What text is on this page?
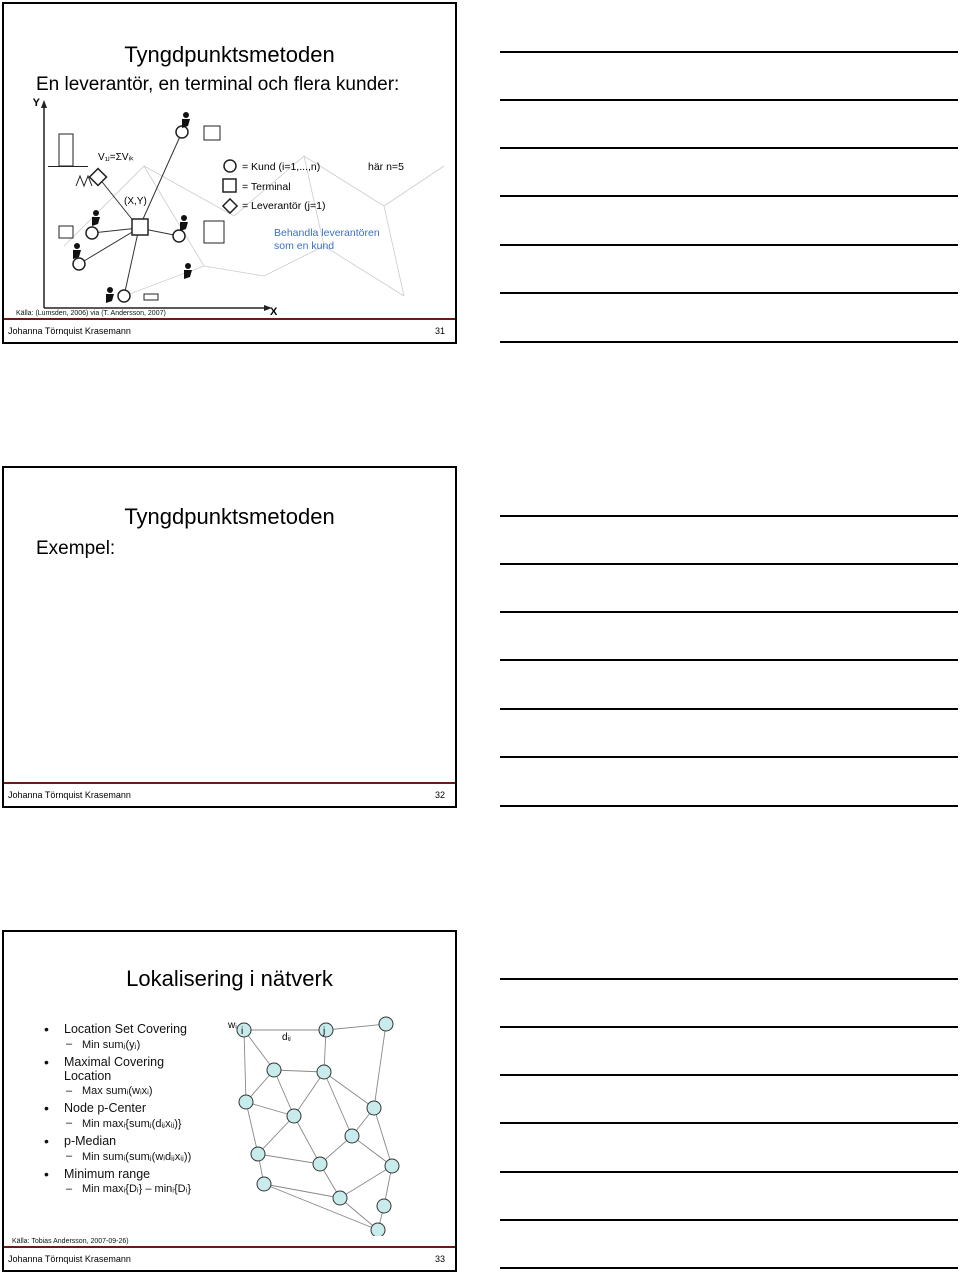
Tyngdpunktsmetoden
En leverantör, en terminal och flera kunder:
Y
X
V₁ⱼ=ΣVᵢₖ
(X,Y)
= Kund (i=1,...,n)	här n=5
= Terminal
= Leverantör (j=1)
Behandla leverantören
som en kund
Källa: (Lumsden, 2006) via (T. Andersson, 2007)
Johanna Törnquist Krasemann	31
Tyngdpunktsmetoden
Exempel:
Johanna Törnquist Krasemann	32
Lokalisering i nätverk
• Location Set Covering
– Min sumⱼ(yⱼ)
• Maximal Covering Location
– Max sumᵢ(wᵢxᵢ)
• Node p-Center
– Min maxᵢ{sumⱼ(dᵢⱼxᵢⱼ)}
• p-Median
– Min sumᵢ(sumⱼ(wᵢdᵢⱼxᵢⱼ))
• Minimum range
– Min maxᵢ{Dᵢ} – minᵢ{Dᵢ}
wᵢ
i
dᵢⱼ
j
Källa: Tobias Andersson, 2007-09-26)
Johanna Törnquist Krasemann	33
